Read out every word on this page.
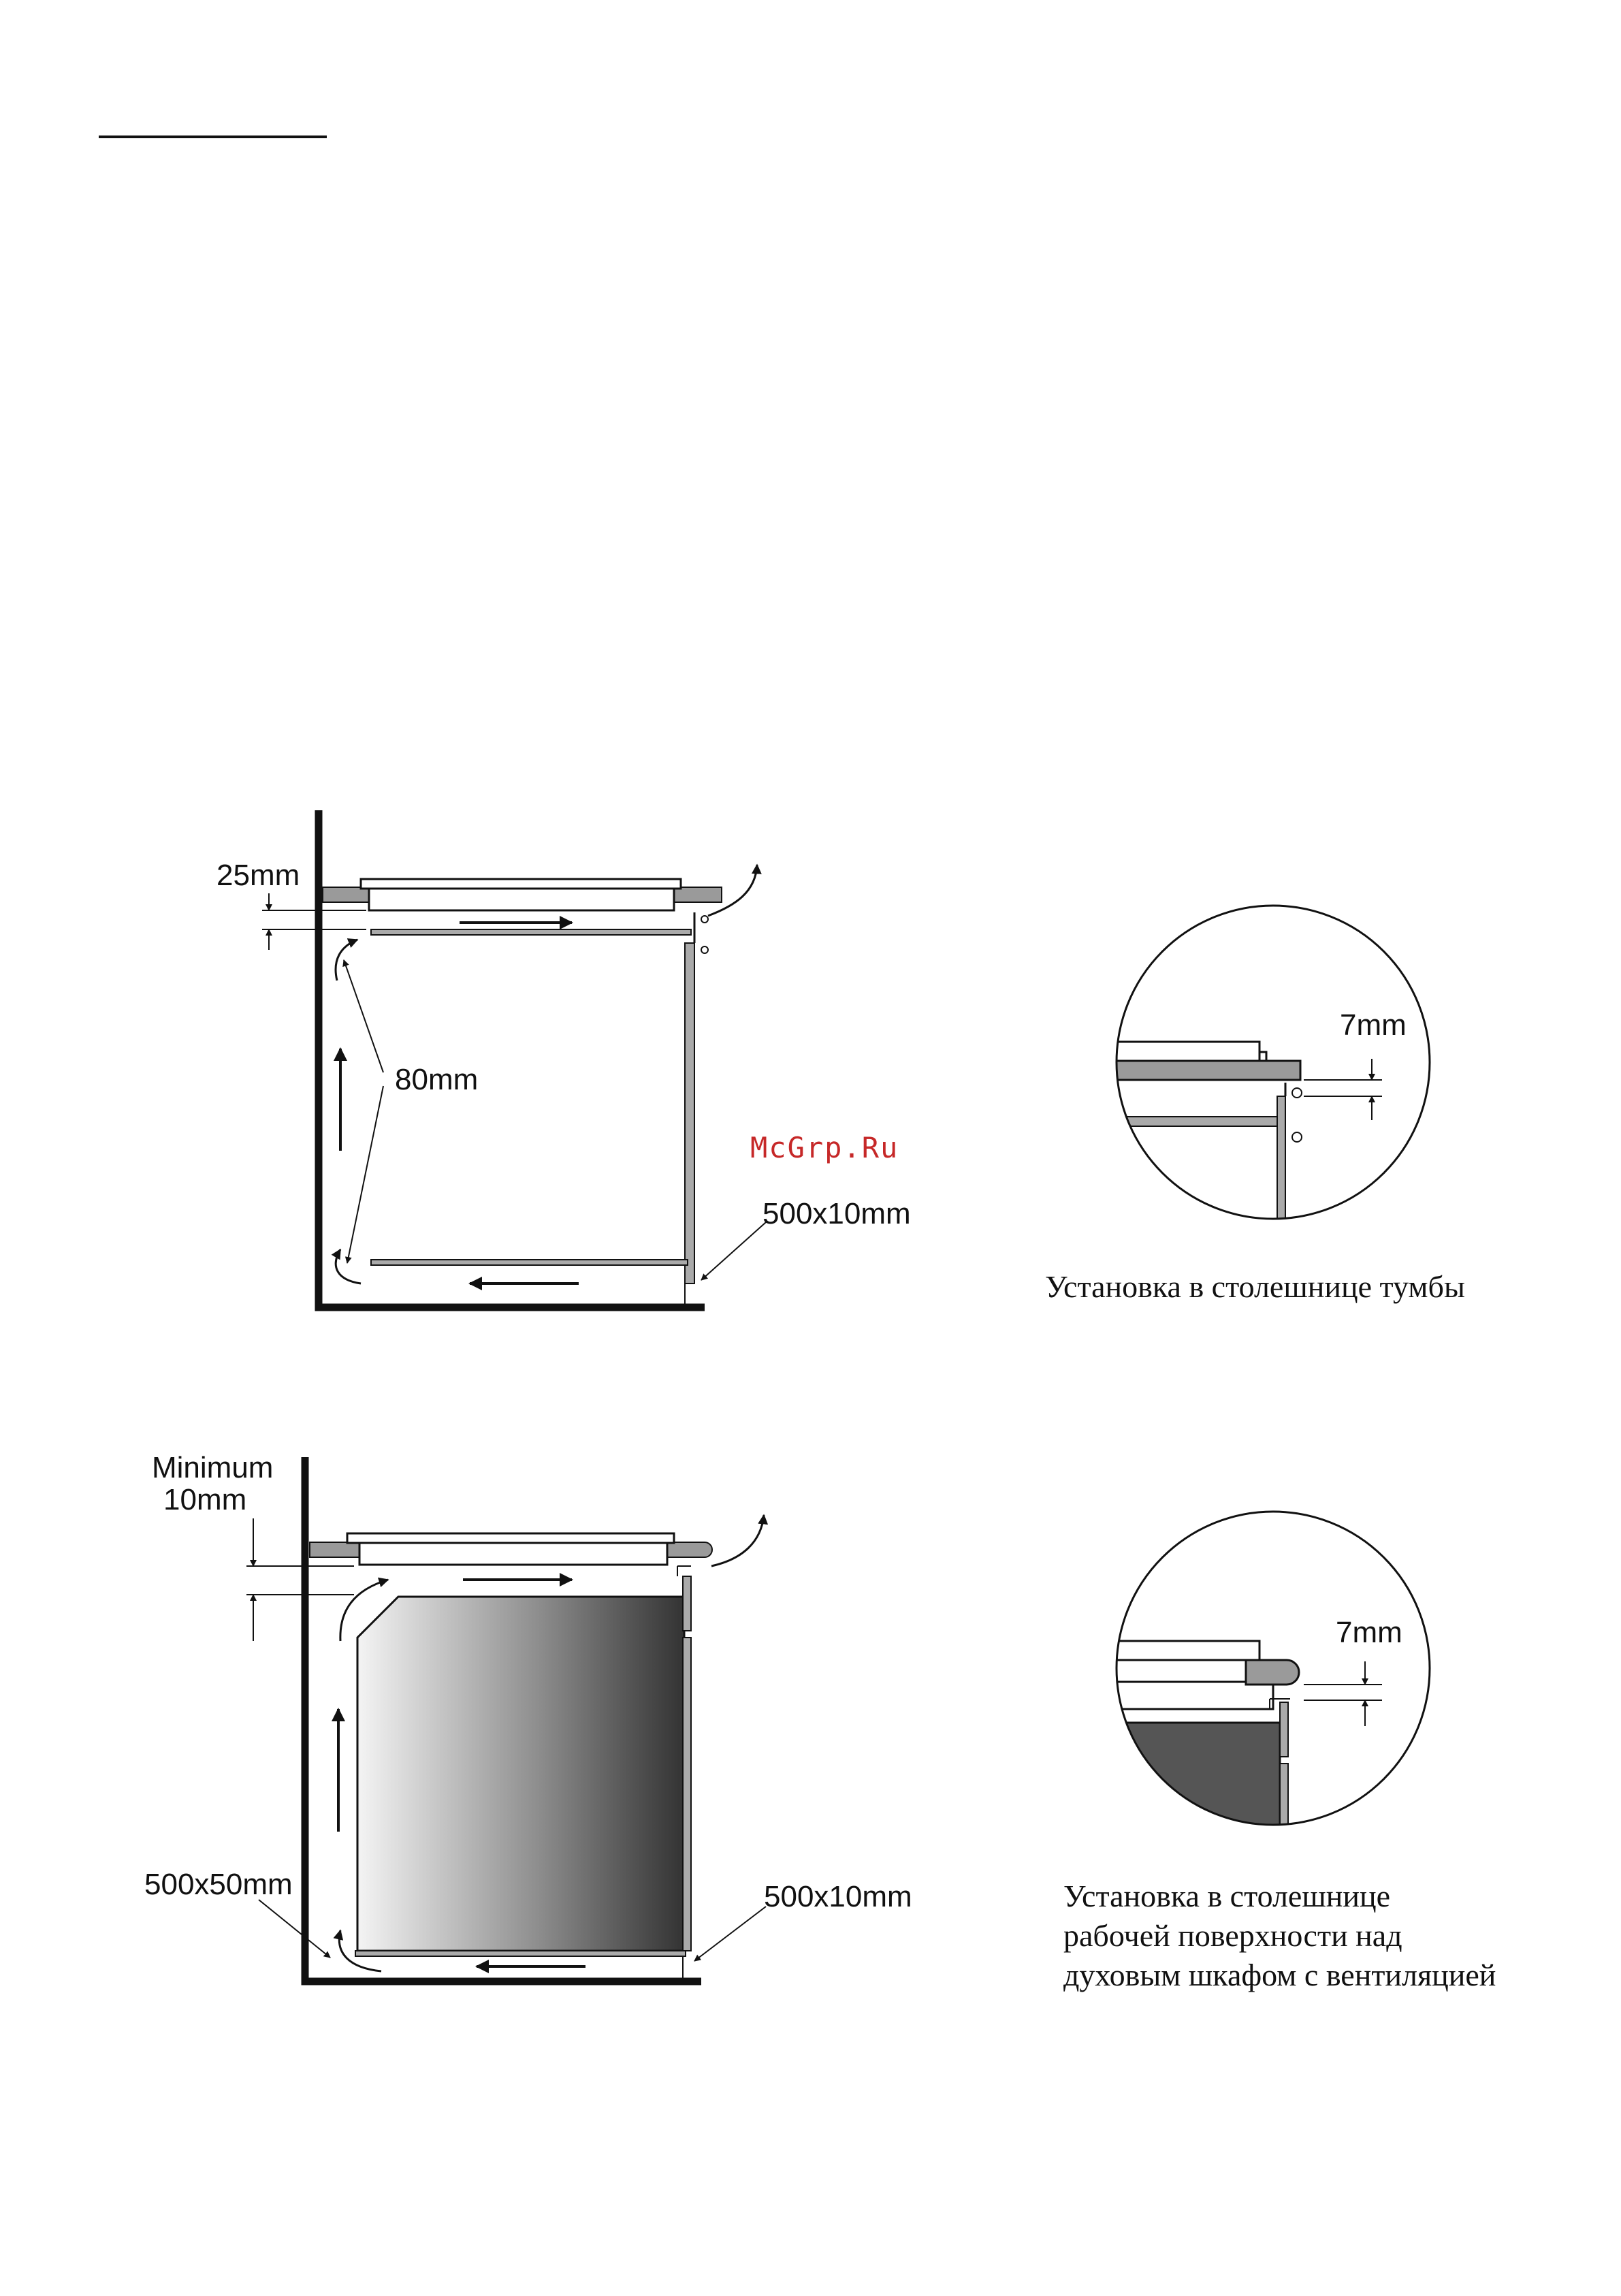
25mm
80mm
500x10mm
McGrp.Ru
7mm
Установка в столешнице тумбы
Minimum
10mm
500x50mm	500x10mm
7mm
Установка в столешнице
рабочей поверхности над
духовым шкафом с вентиляцией
